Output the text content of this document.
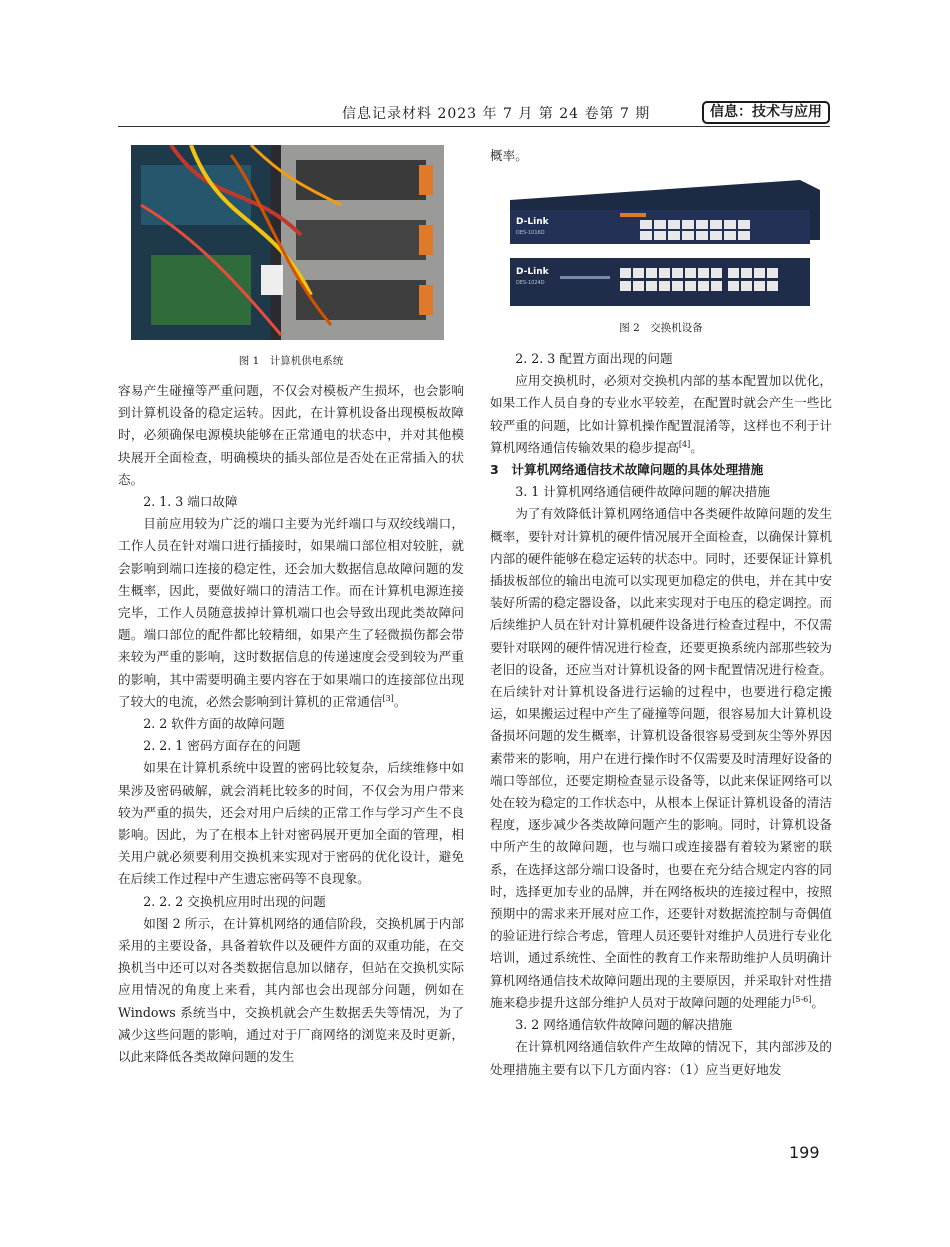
信息记录材料 2023 年 7 月 第 24 卷第 7 期	信息：技术与应用
图 1　计算机供电系统
概率。
D-Link
DES-1016D
D-Link
DES-1024D
图 2　交换机设备

容易产生碰撞等严重问题，不仅会对模板产生损坏，也会影响到计算机设备的稳定运转。因此，在计算机设备出现模板故障时，必须确保电源模块能够在正常通电的状态中，并对其他模块展开全面检查，明确模块的插头部位是否处在正常插入的状态。

2. 1. 3 端口故障

目前应用较为广泛的端口主要为光纤端口与双绞线端口，工作人员在针对端口进行插接时，如果端口部位相对较脏，就会影响到端口连接的稳定性，还会加大数据信息故障问题的发生概率，因此，要做好端口的清洁工作。而在计算机电源连接完毕，工作人员随意拔掉计算机端口也会导致出现此类故障问题。端口部位的配件都比较精细，如果产生了轻微损伤都会带来较为严重的影响，这时数据信息的传递速度会受到较为严重的影响，其中需要明确主要内容在于如果端口的连接部位出现了较大的电流，必然会影响到计算机的正常通信[3]。

2. 2 软件方面的故障问题

2. 2. 1 密码方面存在的问题

如果在计算机系统中设置的密码比较复杂，后续维修中如果涉及密码破解，就会消耗比较多的时间，不仅会为用户带来较为严重的损失，还会对用户后续的正常工作与学习产生不良影响。因此，为了在根本上针对密码展开更加全面的管理，相关用户就必须要利用交换机来实现对于密码的优化设计，避免在后续工作过程中产生遗忘密码等不良现象。

2. 2. 2 交换机应用时出现的问题

如图 2 所示，在计算机网络的通信阶段，交换机属于内部采用的主要设备，具备着软件以及硬件方面的双重功能，在交换机当中还可以对各类数据信息加以储存，但站在交换机实际应用情况的角度上来看，其内部也会出现部分问题，例如在 Windows 系统当中，交换机就会产生数据丢失等情况，为了减少这些问题的影响，通过对于厂商网络的浏览来及时更新，以此来降低各类故障问题的发生

2. 2. 3 配置方面出现的问题

应用交换机时，必须对交换机内部的基本配置加以优化，如果工作人员自身的专业水平较差，在配置时就会产生一些比较严重的问题，比如计算机操作配置混淆等，这样也不利于计算机网络通信传输效果的稳步提高[4]。

3　计算机网络通信技术故障问题的具体处理措施

3. 1 计算机网络通信硬件故障问题的解决措施

为了有效降低计算机网络通信中各类硬件故障问题的发生概率，要针对计算机的硬件情况展开全面检查，以确保计算机内部的硬件能够在稳定运转的状态中。同时，还要保证计算机插拔板部位的输出电流可以实现更加稳定的供电，并在其中安装好所需的稳定器设备，以此来实现对于电压的稳定调控。而后续维护人员在针对计算机硬件设备进行检查过程中，不仅需要针对联网的硬件情况进行检查，还要更换系统内部那些较为老旧的设备，还应当对计算机设备的网卡配置情况进行检查。在后续针对计算机设备进行运输的过程中，也要进行稳定搬运，如果搬运过程中产生了碰撞等问题，很容易加大计算机设备损坏问题的发生概率，计算机设备很容易受到灰尘等外界因素带来的影响，用户在进行操作时不仅需要及时清理好设备的端口等部位，还要定期检查显示设备等，以此来保证网络可以处在较为稳定的工作状态中，从根本上保证计算机设备的清洁程度，逐步减少各类故障问题产生的影响。同时，计算机设备中所产生的故障问题，也与端口或连接器有着较为紧密的联系，在选择这部分端口设备时，也要在充分结合规定内容的同时，选择更加专业的品牌，并在网络板块的连接过程中，按照预期中的需求来开展对应工作，还要针对数据流控制与奇偶值的验证进行综合考虑，管理人员还要针对维护人员进行专业化培训，通过系统性、全面性的教育工作来帮助维护人员明确计算机网络通信技术故障问题出现的主要原因，并采取针对性措施来稳步提升这部分维护人员对于故障问题的处理能力[5-6]。

3. 2 网络通信软件故障问题的解决措施

在计算机网络通信软件产生故障的情况下，其内部涉及的处理措施主要有以下几方面内容：（1）应当更好地发

199
